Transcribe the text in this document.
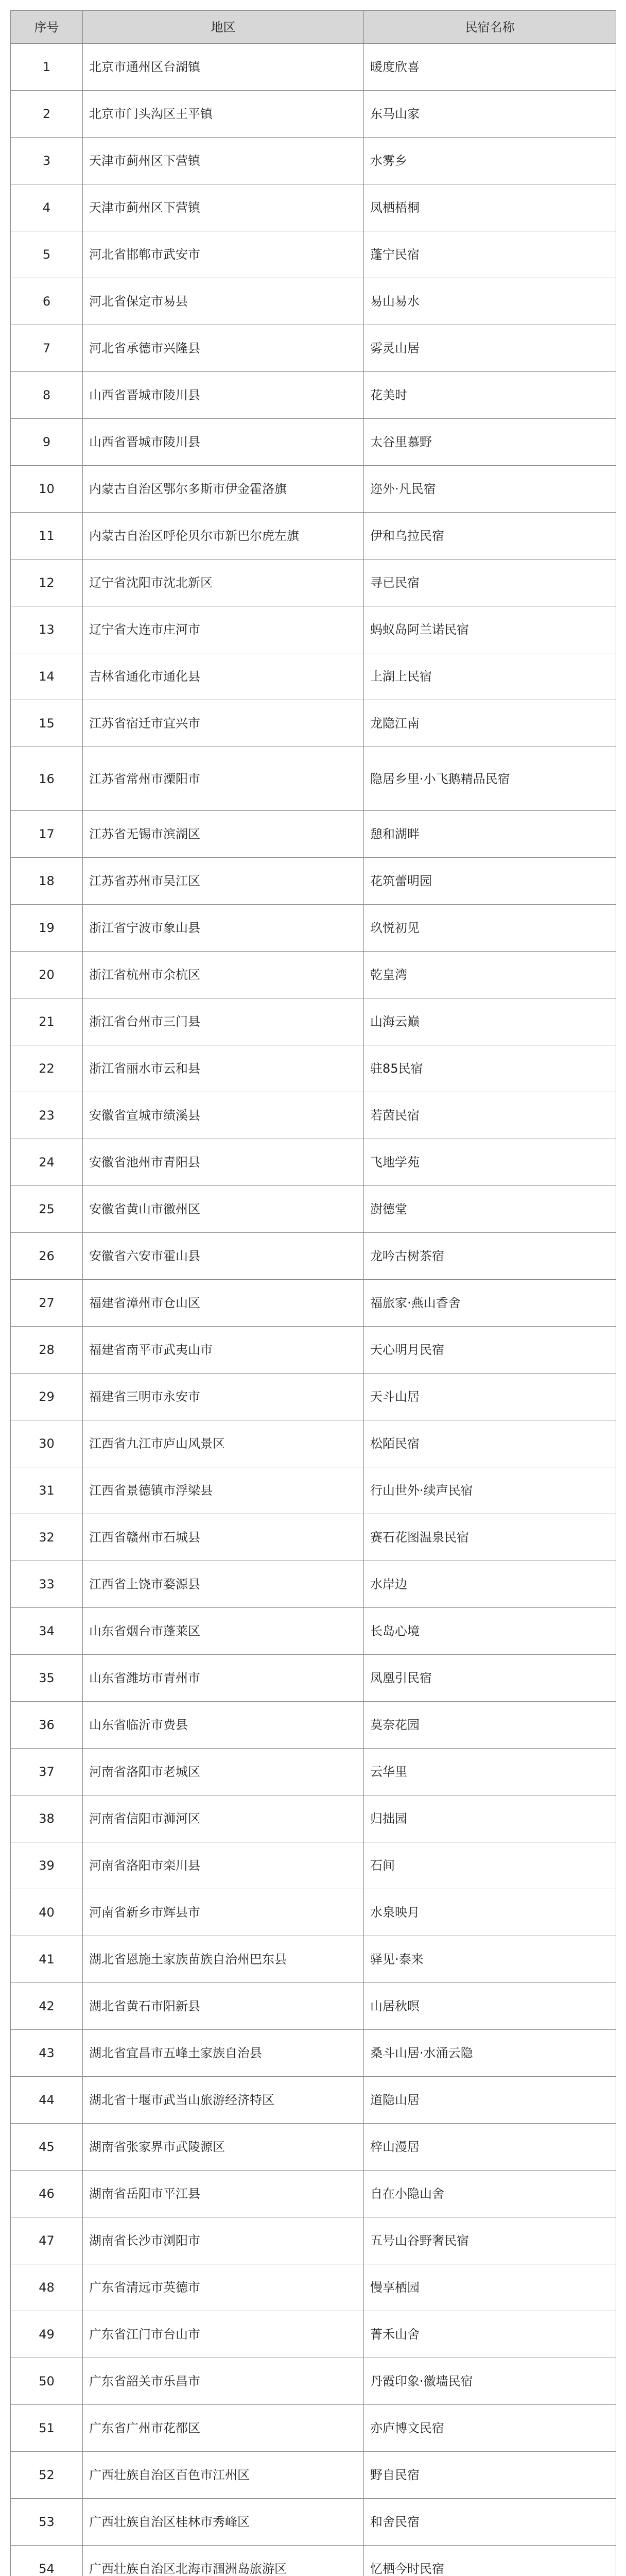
序号	地区	民宿名称
1	北京市通州区台湖镇	暖度欣喜
2	北京市门头沟区王平镇	东马山家
3	天津市蓟州区下营镇	水雾乡
4	天津市蓟州区下营镇	凤栖梧桐
5	河北省邯郸市武安市	蓬宁民宿
6	河北省保定市易县	易山易水
7	河北省承德市兴隆县	雾灵山居
8	山西省晋城市陵川县	花美时
9	山西省晋城市陵川县	太谷里慕野
10	内蒙古自治区鄂尔多斯市伊金霍洛旗	迩外·凡民宿
11	内蒙古自治区呼伦贝尔市新巴尔虎左旗	伊和乌拉民宿
12	辽宁省沈阳市沈北新区	寻已民宿
13	辽宁省大连市庄河市	蚂蚁岛阿兰诺民宿
14	吉林省通化市通化县	上湖上民宿
15	江苏省宿迁市宜兴市	龙隐江南
16	江苏省常州市溧阳市	隐居乡里·小飞鹅精品民宿
17	江苏省无锡市滨湖区	憩和湖畔
18	江苏省苏州市吴江区	花筑蕾明园
19	浙江省宁波市象山县	玖悦初见
20	浙江省杭州市余杭区	乾皇湾
21	浙江省台州市三门县	山海云巅
22	浙江省丽水市云和县	驻85民宿
23	安徽省宣城市绩溪县	若茵民宿
24	安徽省池州市青阳县	飞地学苑
25	安徽省黄山市徽州区	澍德堂
26	安徽省六安市霍山县	龙吟古树茶宿
27	福建省漳州市仓山区	福旅家·燕山香舍
28	福建省南平市武夷山市	天心明月民宿
29	福建省三明市永安市	天斗山居
30	江西省九江市庐山风景区	松陌民宿
31	江西省景德镇市浮梁县	行山世外·续声民宿
32	江西省赣州市石城县	赛石花图温泉民宿
33	江西省上饶市婺源县	水岸边
34	山东省烟台市蓬莱区	长岛心境
35	山东省潍坊市青州市	凤凰引民宿
36	山东省临沂市费县	莫奈花园
37	河南省洛阳市老城区	云华里
38	河南省信阳市浉河区	归拙园
39	河南省洛阳市栾川县	石间
40	河南省新乡市辉县市	水泉映月
41	湖北省恩施土家族苗族自治州巴东县	驿见·泰来
42	湖北省黄石市阳新县	山居秋暝
43	湖北省宜昌市五峰土家族自治县	桑斗山居·水涌云隐
44	湖北省十堰市武当山旅游经济特区	道隐山居
45	湖南省张家界市武陵源区	梓山漫居
46	湖南省岳阳市平江县	自在小隐山舍
47	湖南省长沙市浏阳市	五号山谷野奢民宿
48	广东省清远市英德市	慢享栖园
49	广东省江门市台山市	菁禾山舍
50	广东省韶关市乐昌市	丹霞印象·徽墙民宿
51	广东省广州市花都区	亦庐博文民宿
52	广西壮族自治区百色市江州区	野自民宿
53	广西壮族自治区桂林市秀峰区	和舍民宿
54	广西壮族自治区北海市涠洲岛旅游区	忆栖今时民宿
